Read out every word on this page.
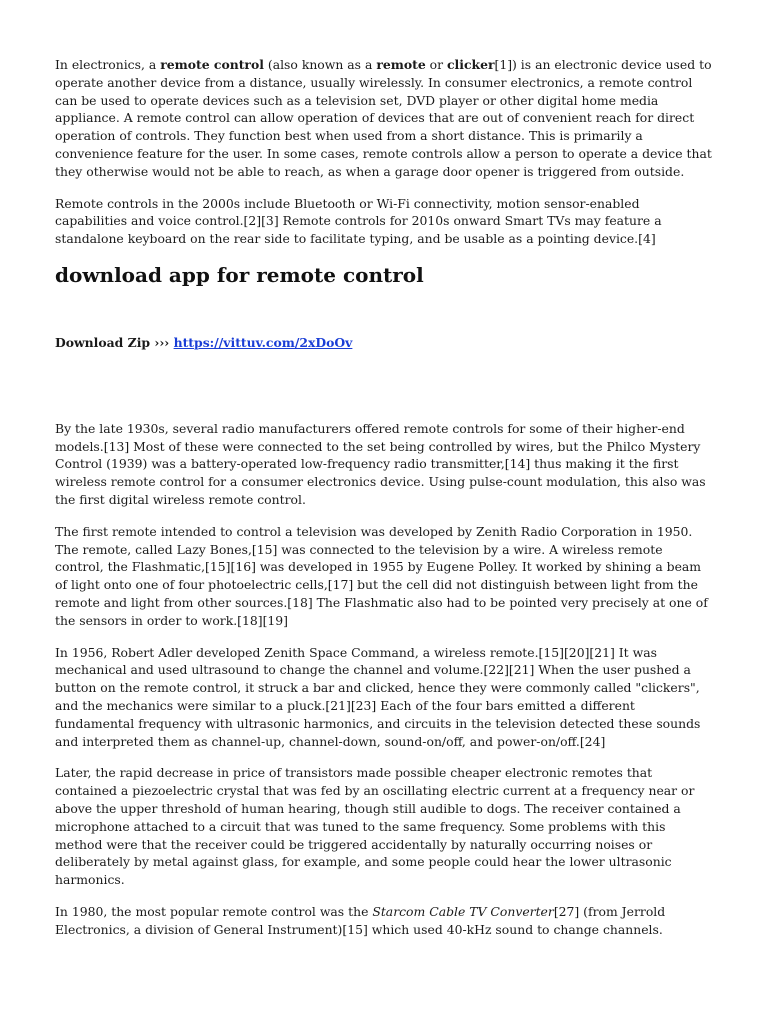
In electronics, a remote control (also known as a remote or clicker[1]) is an electronic device used to operate another device from a distance, usually wirelessly. In consumer electronics, a remote control can be used to operate devices such as a television set, DVD player or other digital home media appliance. A remote control can allow operation of devices that are out of convenient reach for direct operation of controls. They function best when used from a short distance. This is primarily a convenience feature for the user. In some cases, remote controls allow a person to operate a device that they otherwise would not be able to reach, as when a garage door opener is triggered from outside.

Remote controls in the 2000s include Bluetooth or Wi-Fi connectivity, motion sensor-enabled capabilities and voice control.[2][3] Remote controls for 2010s onward Smart TVs may feature a standalone keyboard on the rear side to facilitate typing, and be usable as a pointing device.[4]

download app for remote control

Download Zip ››› https://vittuv.com/2xDoOv

By the late 1930s, several radio manufacturers offered remote controls for some of their higher-end models.[13] Most of these were connected to the set being controlled by wires, but the Philco Mystery Control (1939) was a battery-operated low-frequency radio transmitter,[14] thus making it the first wireless remote control for a consumer electronics device. Using pulse-count modulation, this also was the first digital wireless remote control.

The first remote intended to control a television was developed by Zenith Radio Corporation in 1950. The remote, called Lazy Bones,[15] was connected to the television by a wire. A wireless remote control, the Flashmatic,[15][16] was developed in 1955 by Eugene Polley. It worked by shining a beam of light onto one of four photoelectric cells,[17] but the cell did not distinguish between light from the remote and light from other sources.[18] The Flashmatic also had to be pointed very precisely at one of the sensors in order to work.[18][19]

In 1956, Robert Adler developed Zenith Space Command, a wireless remote.[15][20][21] It was mechanical and used ultrasound to change the channel and volume.[22][21] When the user pushed a button on the remote control, it struck a bar and clicked, hence they were commonly called "clickers", and the mechanics were similar to a pluck.[21][23] Each of the four bars emitted a different fundamental frequency with ultrasonic harmonics, and circuits in the television detected these sounds and interpreted them as channel-up, channel-down, sound-on/off, and power-on/off.[24]

Later, the rapid decrease in price of transistors made possible cheaper electronic remotes that contained a piezoelectric crystal that was fed by an oscillating electric current at a frequency near or above the upper threshold of human hearing, though still audible to dogs. The receiver contained a microphone attached to a circuit that was tuned to the same frequency. Some problems with this method were that the receiver could be triggered accidentally by naturally occurring noises or deliberately by metal against glass, for example, and some people could hear the lower ultrasonic harmonics.

In 1980, the most popular remote control was the Starcom Cable TV Converter[27] (from Jerrold Electronics, a division of General Instrument)[15] which used 40-kHz sound to change channels.
